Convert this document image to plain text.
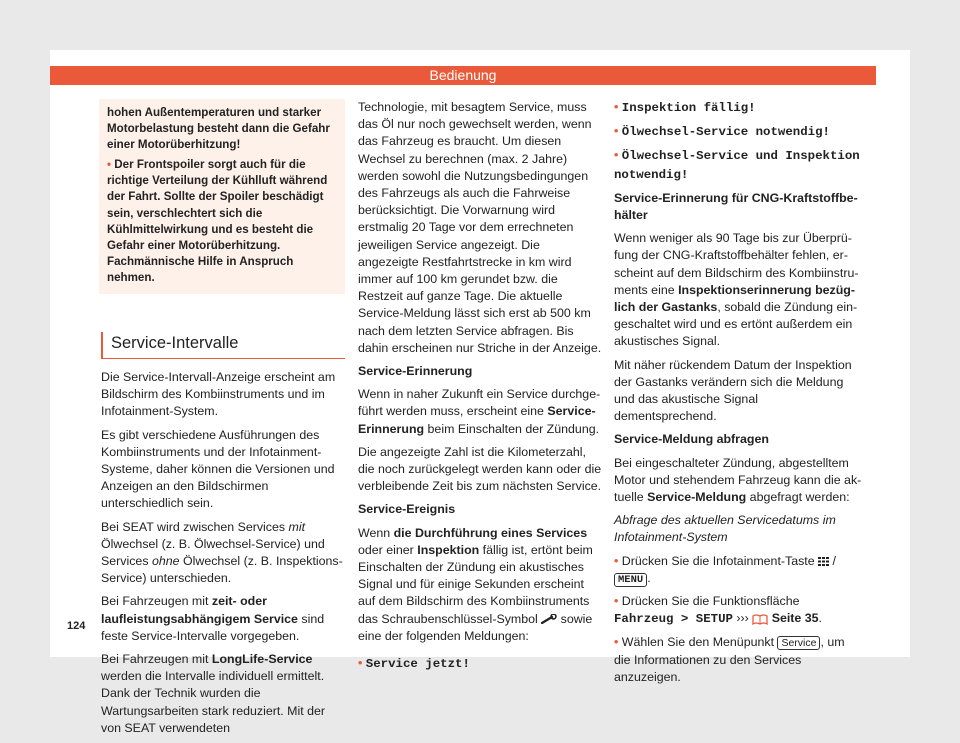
Bedienung

hohen Außentemperaturen und starker Motorbelastung besteht dann die Gefahr einer Motorüberhitzung!

• Der Frontspoiler sorgt auch für die richtige Verteilung der Kühlluft während der Fahrt. Sollte der Spoiler beschädigt sein, verschlechtert sich die Kühlmittelwirkung und es besteht die Gefahr einer Motorüberhitzung. Fachmännische Hilfe in Anspruch nehmen.

Service-Intervalle

Die Service-Intervall-Anzeige erscheint am Bildschirm des Kombiinstruments und im Infotainment-System.

Es gibt verschiedene Ausführungen des Kombiinstruments und der Infotainment-Systeme, daher können die Versionen und Anzeigen an den Bildschirmen unterschiedlich sein.

Bei SEAT wird zwischen Services mit Ölwechsel (z. B. Ölwechsel-Service) und Services ohne Ölwechsel (z. B. Inspektions-Service) unterschieden.

Bei Fahrzeugen mit zeit- oder laufleistungsabhängigem Service sind feste Service-Intervalle vorgegeben.

Bei Fahrzeugen mit LongLife-Service werden die Intervalle individuell ermittelt. Dank der Technik wurden die Wartungsarbeiten stark reduziert. Mit der von SEAT verwendeten

Technologie, mit besagtem Service, muss das Öl nur noch gewechselt werden, wenn das Fahrzeug es braucht. Um diesen Wechsel zu berechnen (max. 2 Jahre) werden sowohl die Nutzungsbedingungen des Fahrzeugs als auch die Fahrweise berücksichtigt. Die Vorwarnung wird erstmalig 20 Tage vor dem errechneten jeweiligen Service angezeigt. Die angezeigte Restfahrtstrecke in km wird immer auf 100 km gerundet bzw. die Restzeit auf ganze Tage. Die aktuelle Service-Meldung lässt sich erst ab 500 km nach dem letzten Service abfragen. Bis dahin erscheinen nur Striche in der Anzeige.

Service-Erinnerung

Wenn in naher Zukunft ein Service durchgeführt werden muss, erscheint eine Service-Erinnerung beim Einschalten der Zündung.

Die angezeigte Zahl ist die Kilometerzahl, die noch zurückgelegt werden kann oder die verbleibende Zeit bis zum nächsten Service.

Service-Ereignis

Wenn die Durchführung eines Services oder einer Inspektion fällig ist, ertönt beim Einschalten der Zündung ein akustisches Signal und für einige Sekunden erscheint auf dem Bildschirm des Kombiinstruments das Schraubenschlüssel-Symbol  sowie eine der folgenden Meldungen:

• Service jetzt!

• Inspektion fällig!

• Ölwechsel-Service notwendig!

• Ölwechsel-Service und Inspektion notwendig!

Service-Erinnerung für CNG-Kraftstoffbehälter

Wenn weniger als 90 Tage bis zur Überprüfung der CNG-Kraftstoffbehälter fehlen, erscheint auf dem Bildschirm des Kombiinstruments eine Inspektionserinnerung bezüglich der Gastanks, sobald die Zündung eingeschaltet wird und es ertönt außerdem ein akustisches Signal.

Mit näher rückendem Datum der Inspektion der Gastanks verändern sich die Meldung und das akustische Signal dementsprechend.

Service-Meldung abfragen

Bei eingeschalteter Zündung, abgestelltem Motor und stehendem Fahrzeug kann die aktuelle Service-Meldung abgefragt werden:

Abfrage des aktuellen Servicedatums im Infotainment-System

• Drücken Sie die Infotainment-Taste  / MENU .

• Drücken Sie die Funktionsfläche Fahrzeug > SETUP ›››  Seite 35.

• Wählen Sie den Menüpunkt Service , um die Informationen zu den Services anzuzeigen.

124
